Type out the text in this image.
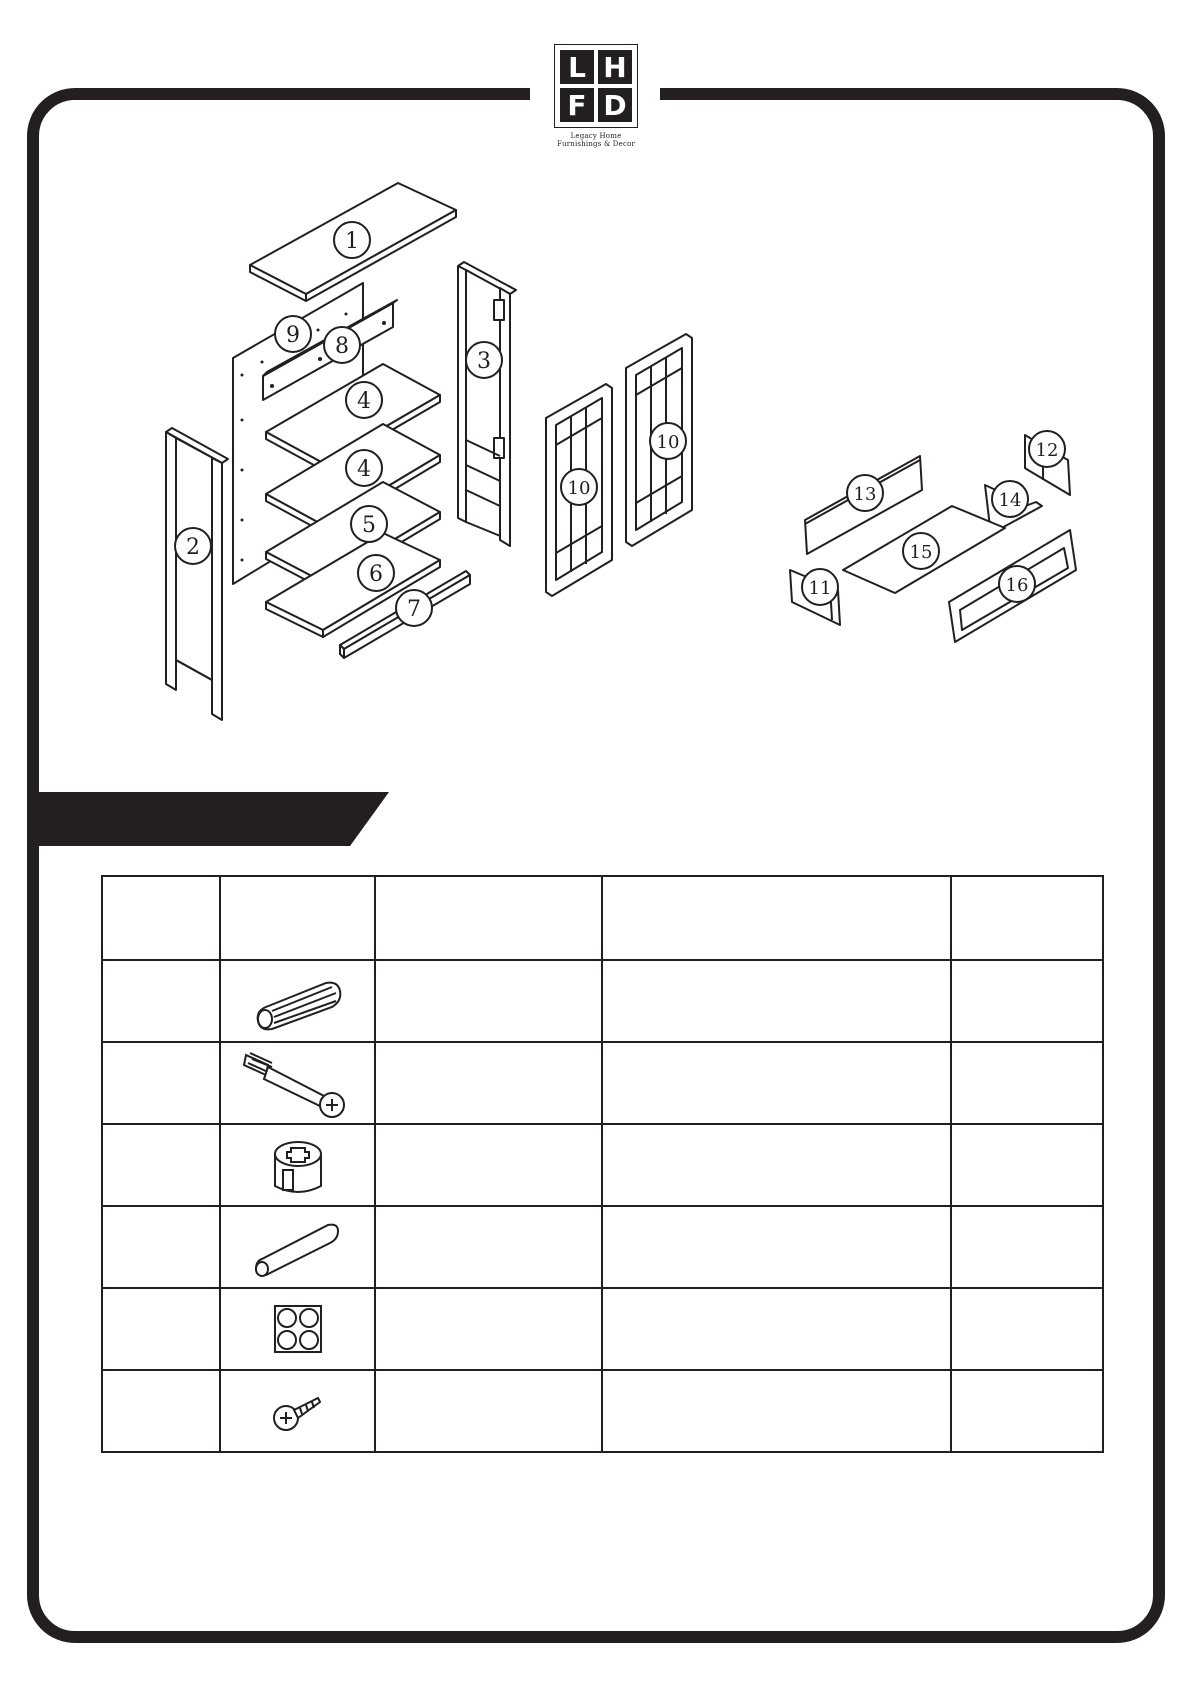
L H
F D
Legacy Home
Furnishings & Decor
1
2
3
4
4
5
6
7
8
9
10
10
11
12
13	14
15
16
